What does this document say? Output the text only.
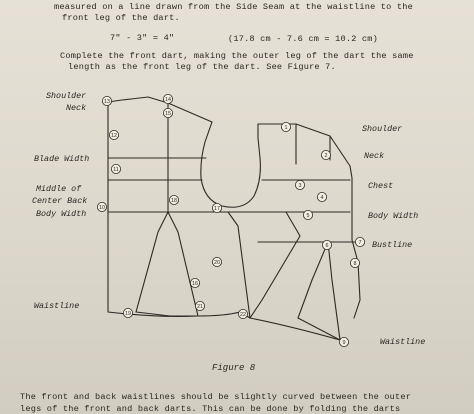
measured on a line drawn from the Side Seam at the waistline to the
front leg of the dart.
7" - 3" = 4"	(17.8 cm - 7.6 cm = 10.2 cm)
Complete the front dart, making the outer leg of the dart the same
length as the front leg of the dart. See Figure 7.
13	14
15
12
2
11
1
10
3
4
5
6	7
8
9
18
20
16
21
22
19
17
Shoulder
Neck
Blade Width
Middle of
Center Back
Body Width
Waistline
Shoulder
Neck
Chest
Body Width
Bustline
Waistline
Figure 8
The front and back waistlines should be slightly curved between the outer
legs of the front and back darts. This can be done by folding the darts
